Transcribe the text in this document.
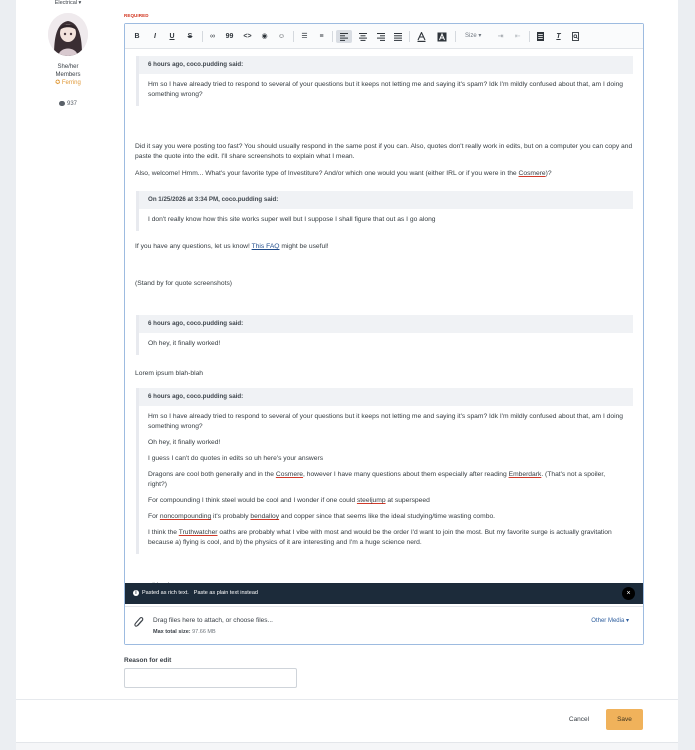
Electrical ▾
She/her
Members
✪ Ferring
937
REQUIRED
B	I	U	S	∞	99 <>	◉	☺	☰	≡	Size ▾	⇥	⇤	T
6 hours ago, coco.pudding said:

Hm so I have already tried to respond to several of your questions but it keeps not letting me and saying it's spam? Idk I'm mildly confused about that, am I doing something wrong?

Did it say you were posting too fast? You should usually respond in the same post if you can. Also, quotes don't really work in edits, but on a computer you can copy and paste the quote into the edit. I'll share screenshots to explain what I mean.

Also, welcome! Hmm... What's your favorite type of Investiture? And/or which one would you want (either IRL or if you were in the Cosmere)?

On 1/25/2026 at 3:34 PM, coco.pudding said:

I don't really know how this site works super well but I suppose I shall figure that out as I go along

If you have any questions, let us know! This FAQ might be useful!

(Stand by for quote screenshots)

6 hours ago, coco.pudding said:

Oh hey, it finally worked!

Lorem ipsum blah-blah

6 hours ago, coco.pudding said:

Hm so I have already tried to respond to several of your questions but it keeps not letting me and saying it's spam? Idk I'm mildly confused about that, am I doing something wrong?

Oh hey, it finally worked!

I guess I can't do quotes in edits so uh here's your answers

Dragons are cool both generally and in the Cosmere, however I have many questions about them especially after reading Emberdark. (That's not a spoiler, right?)

For compounding I think steel would be cool and I wonder if one could steeljump at superspeed

For noncompounding it's probably bendalloy and copper since that seems like the ideal studying/time wasting combo.

I think the Truthwatcher oaths are probably what I vibe with most and would be the order I'd want to join the most. But my favorite surge is actually gravitation because a) flying is cool, and b) the physics of it are interesting and I'm a huge science nerd.

i Pasted as rich text. Paste as plain text instead	×
Drag files here to attach, or choose files...
Max total size: 97.66 MB
Other Media ▾
Reason for edit
Cancel	Save
